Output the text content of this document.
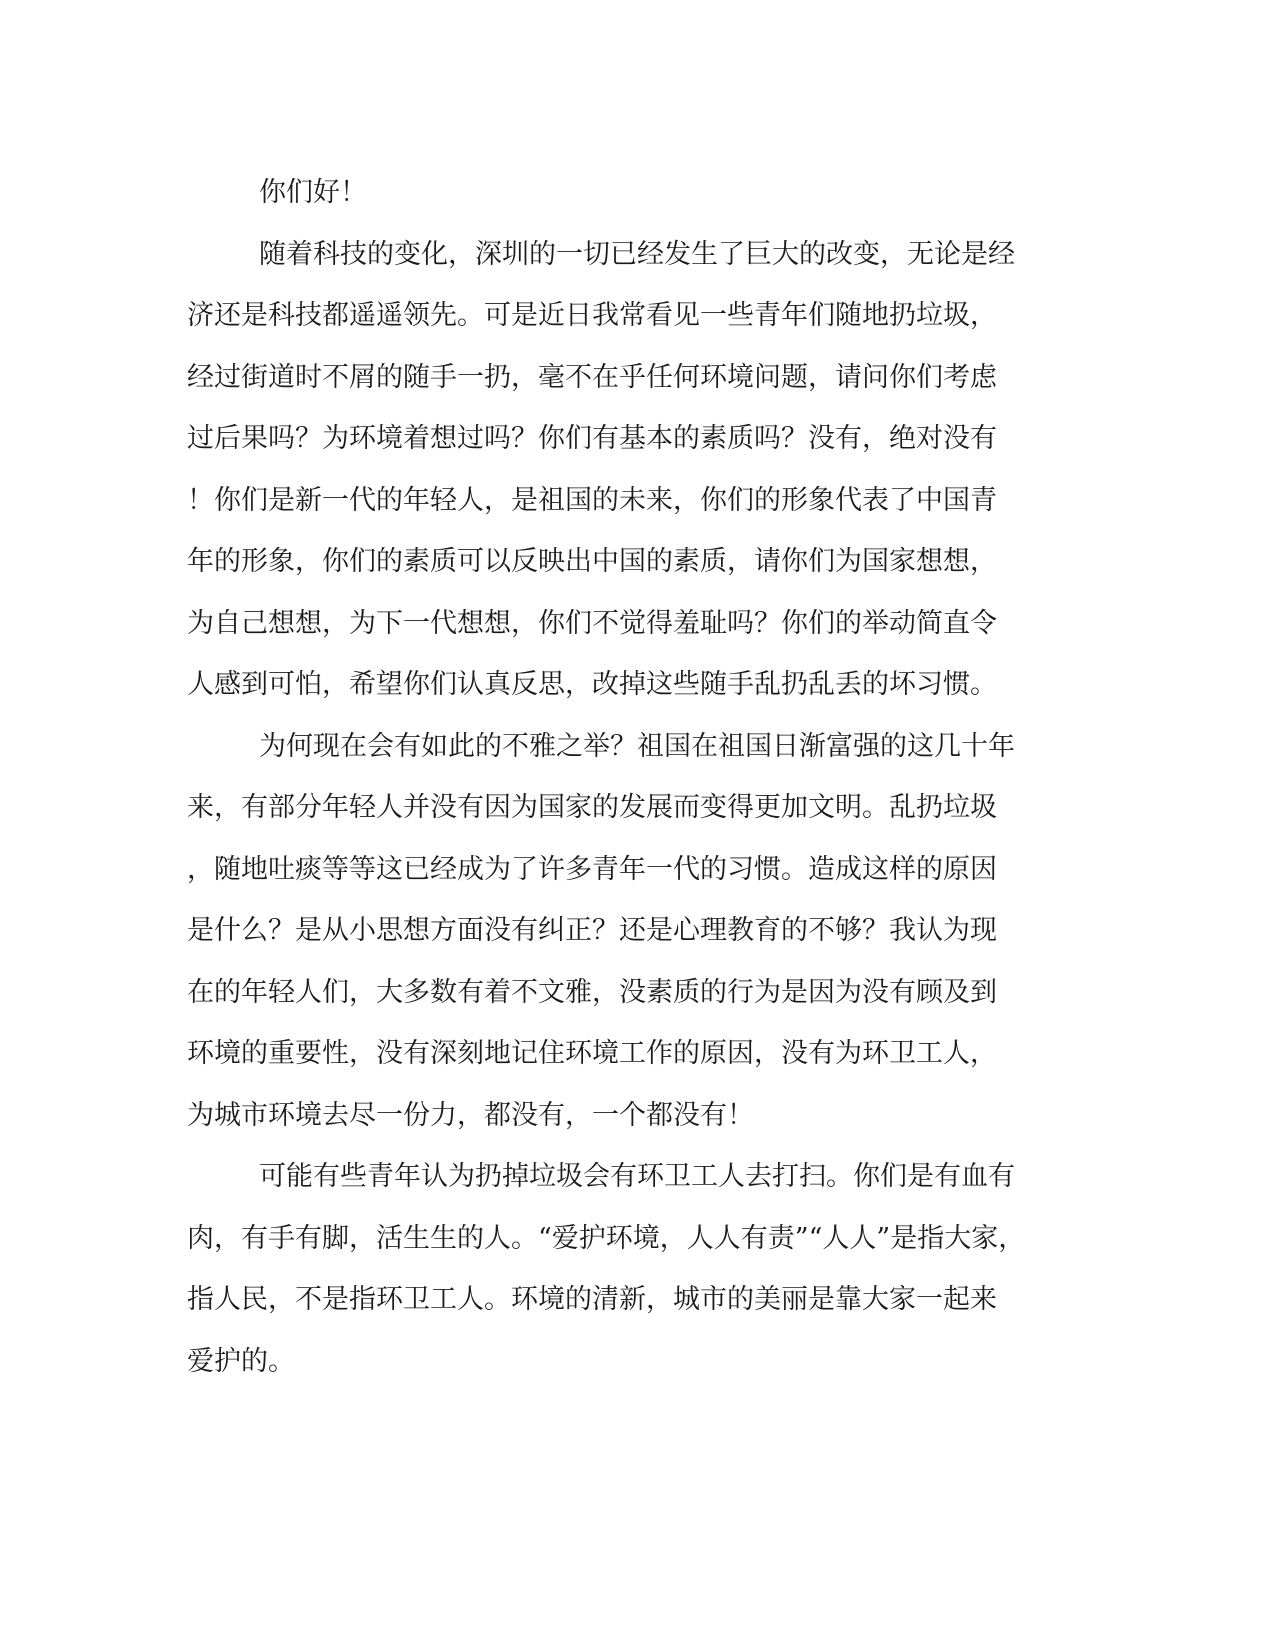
你们好！
随着科技的变化，深圳的一切已经发生了巨大的改变，无论是经
济还是科技都遥遥领先。可是近日我常看见一些青年们随地扔垃圾，
经过街道时不屑的随手一扔，毫不在乎任何环境问题，请问你们考虑
过后果吗？为环境着想过吗？你们有基本的素质吗？没有，绝对没有
！你们是新一代的年轻人，是祖国的未来，你们的形象代表了中国青
年的形象，你们的素质可以反映出中国的素质，请你们为国家想想，
为自己想想，为下一代想想，你们不觉得羞耻吗？你们的举动简直令
人感到可怕，希望你们认真反思，改掉这些随手乱扔乱丢的坏习惯。
为何现在会有如此的不雅之举？祖国在祖国日渐富强的这几十年
来，有部分年轻人并没有因为国家的发展而变得更加文明。乱扔垃圾
，随地吐痰等等这已经成为了许多青年一代的习惯。造成这样的原因
是什么？是从小思想方面没有纠正？还是心理教育的不够？我认为现
在的年轻人们，大多数有着不文雅，没素质的行为是因为没有顾及到
环境的重要性，没有深刻地记住环境工作的原因，没有为环卫工人，
为城市环境去尽一份力，都没有，一个都没有！
可能有些青年认为扔掉垃圾会有环卫工人去打扫。你们是有血有
肉，有手有脚，活生生的人。“爱护环境，人人有责”“人人”是指大家，
指人民，不是指环卫工人。环境的清新，城市的美丽是靠大家一起来
爱护的。
